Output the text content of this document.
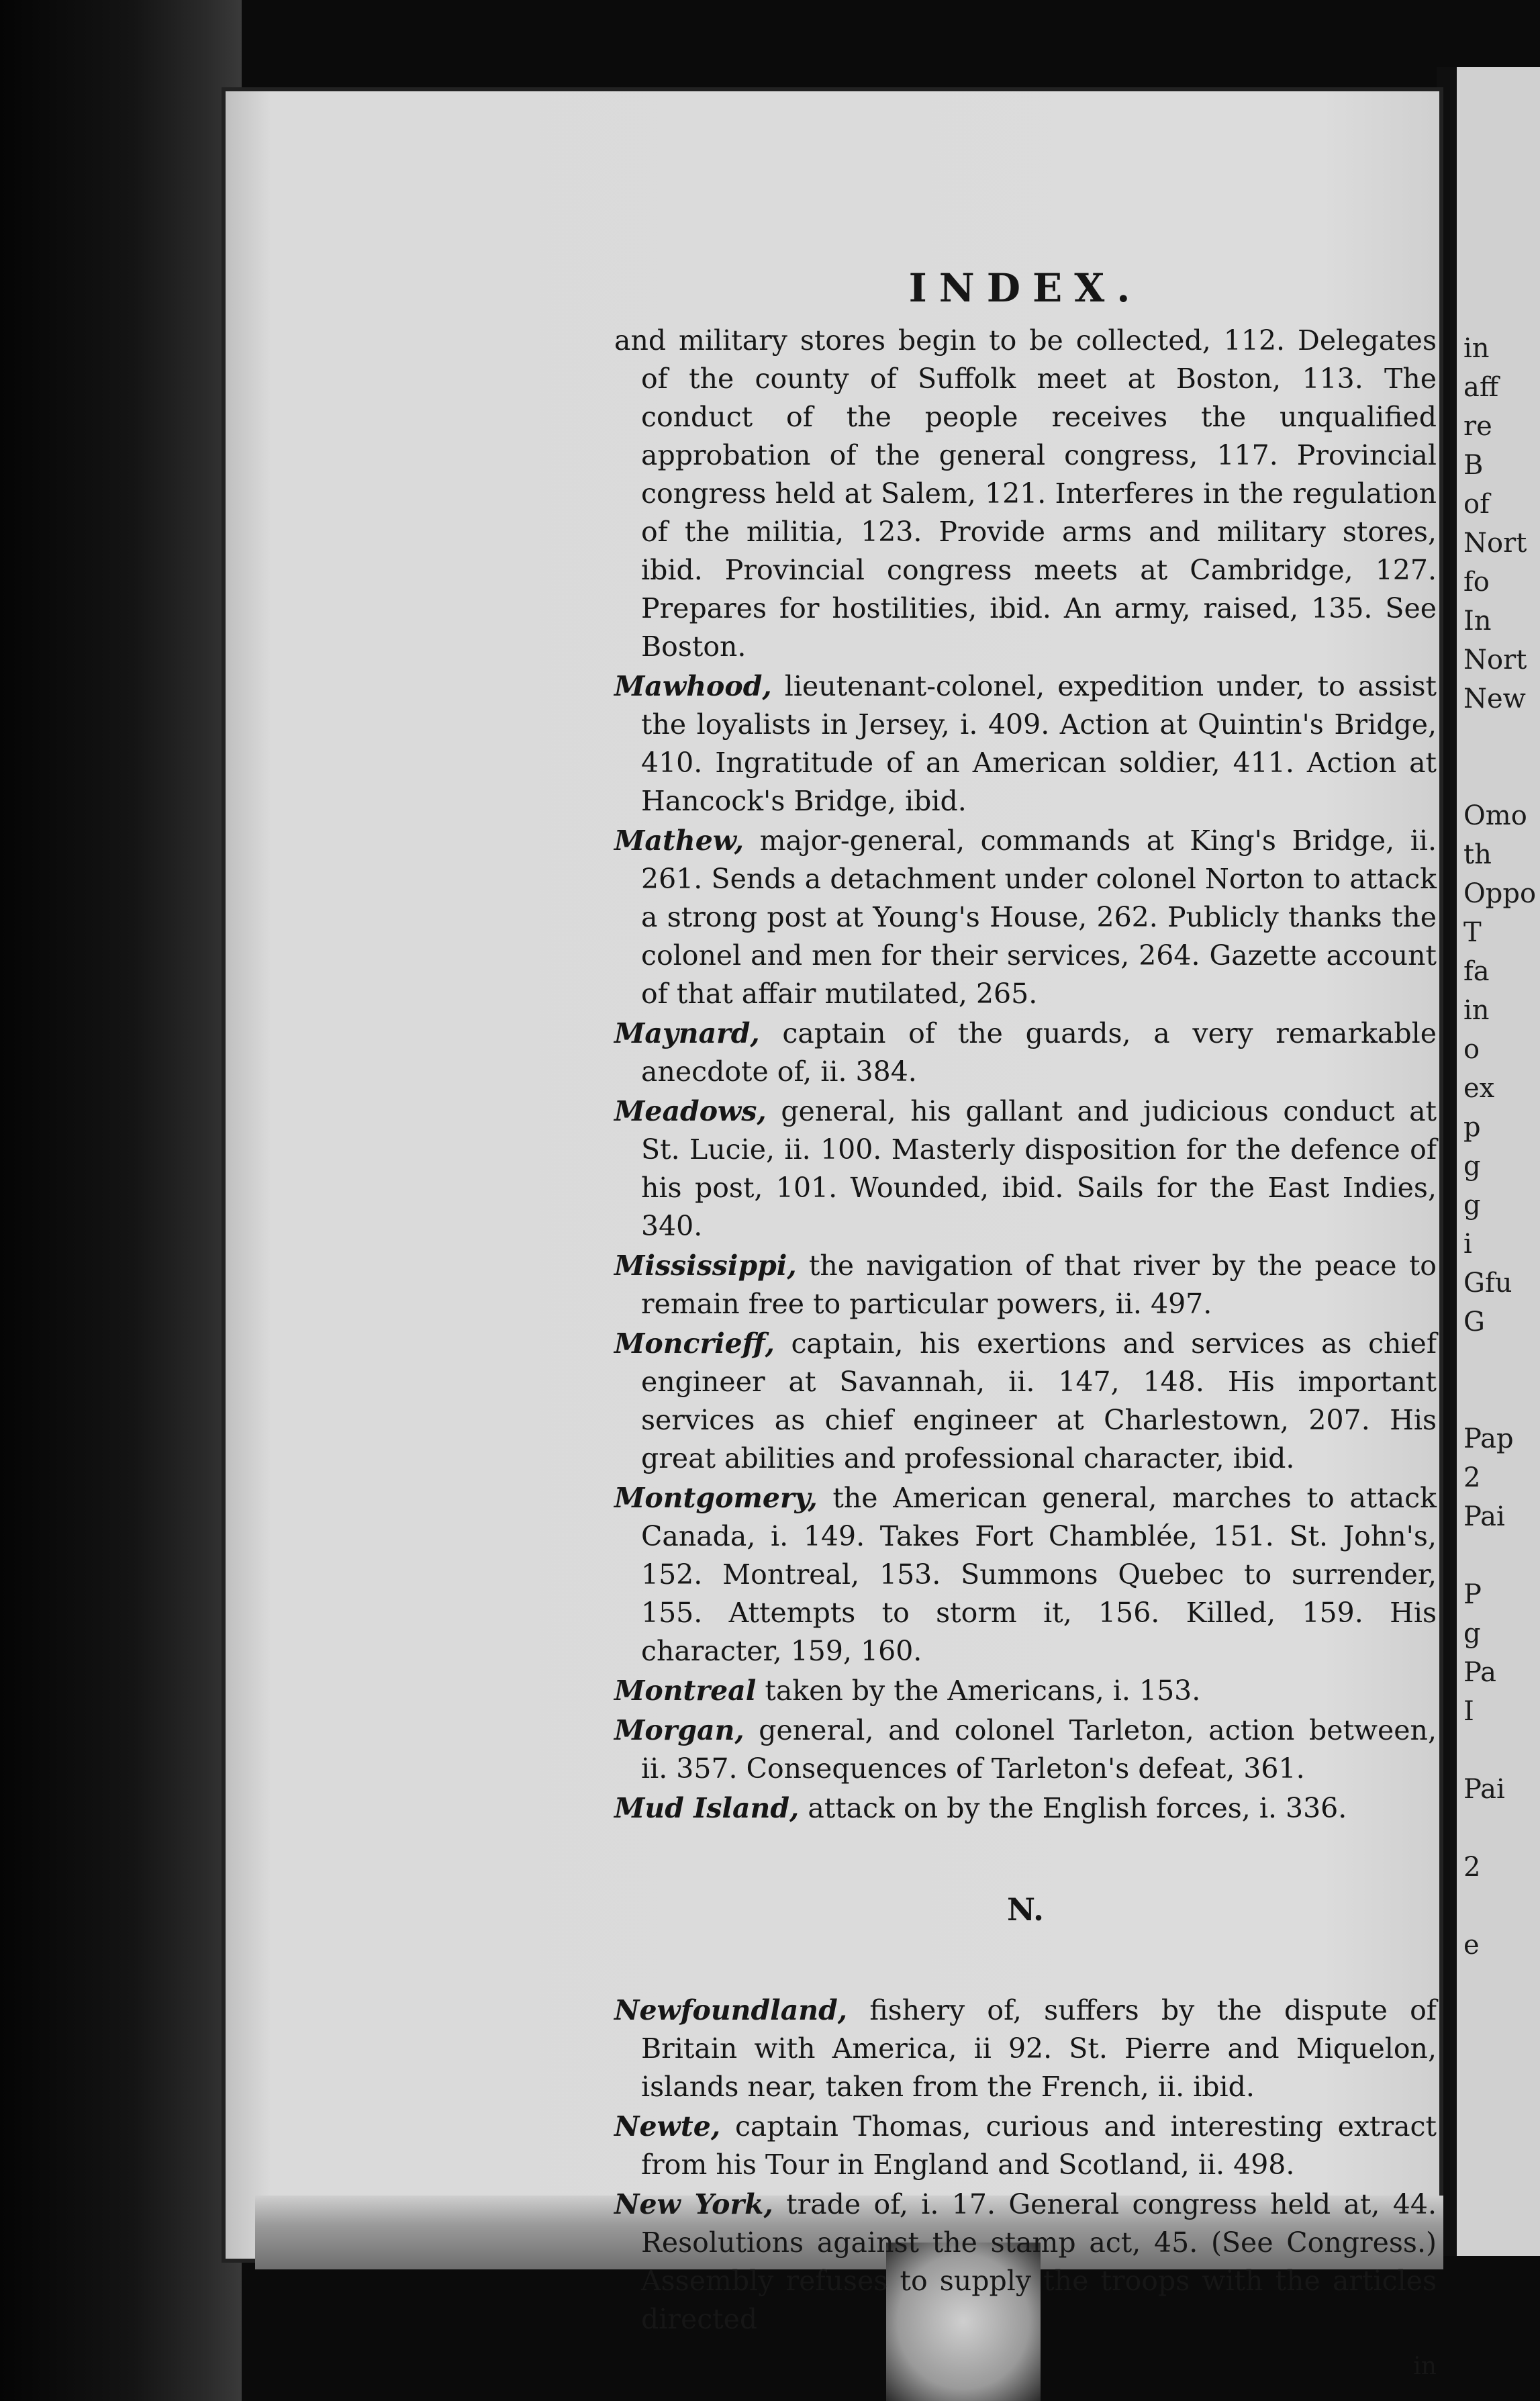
INDEX.
and military stores begin to be collected, 112. Delegates of the county of Suffolk meet at Boston, 113. The conduct of the people receives the unqualified approbation of the general congress, 117. Provincial congress held at Salem, 121. Interferes in the regulation of the militia, 123. Provide arms and military stores, ibid. Provincial congress meets at Cambridge, 127. Prepares for hostilities, ibid. An army, raised, 135. See Boston.
Mawhood, lieutenant-colonel, expedition under, to assist the loyalists in Jersey, i. 409. Action at Quintin's Bridge, 410. Ingratitude of an American soldier, 411. Action at Hancock's Bridge, ibid.
Mathew, major-general, commands at King's Bridge, ii. 261. Sends a detachment under colonel Norton to attack a strong post at Young's House, 262. Publicly thanks the colonel and men for their services, 264. Gazette account of that affair mutilated, 265.
Maynard, captain of the guards, a very remarkable anecdote of, ii. 384.
Meadows, general, his gallant and judicious conduct at St. Lucie, ii. 100. Masterly disposition for the defence of his post, 101. Wounded, ibid. Sails for the East Indies, 340.
Mississippi, the navigation of that river by the peace to remain free to particular powers, ii. 497.
Moncrieff, captain, his exertions and services as chief engineer at Savannah, ii. 147, 148. His important services as chief engineer at Charlestown, 207. His great abilities and professional character, ibid.
Montgomery, the American general, marches to attack Canada, i. 149. Takes Fort Chamblée, 151. St. John's, 152. Montreal, 153. Summons Quebec to surrender, 155. Attempts to storm it, 156. Killed, 159. His character, 159, 160.
Montreal taken by the Americans, i. 153.
Morgan, general, and colonel Tarleton, action between, ii. 357. Consequences of Tarleton's defeat, 361.
Mud Island, attack on by the English forces, i. 336.
N.
Newfoundland, fishery of, suffers by the dispute of Britain with America, ii 92. St. Pierre and Miquelon, islands near, taken from the French, ii. ibid.
Newte, captain Thomas, curious and interesting extract from his Tour in England and Scotland, ii. 498.
New York, trade of, i. 17. General congress held at, 44. Resolutions against the stamp act, 45. (See Congress.) Assembly refuses to supply the troops with the articles directed
in
in
aff
re
B
of
Nort
fo
In
Nort
New
Omo
th
Oppo
T
fa
in
o
ex
p
g
g
i
Gfu
G
Pap
2
Pai
P
g
Pa
I
Pai
2
e
